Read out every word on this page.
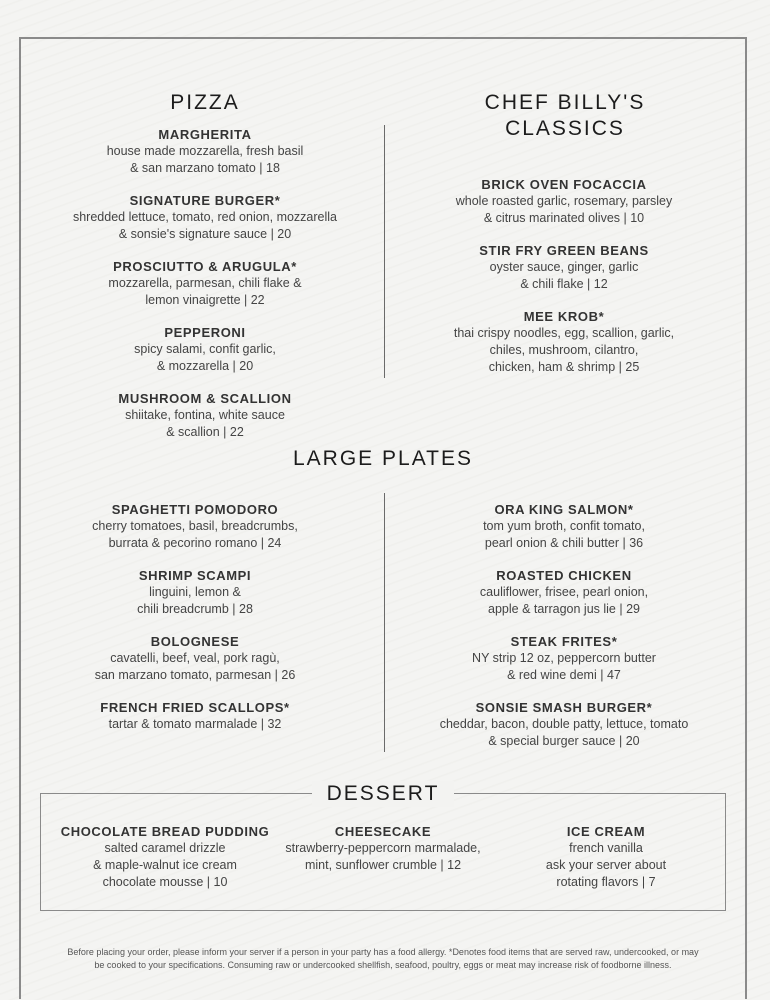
PIZZA
MARGHERITA
house made mozzarella, fresh basil
& san marzano tomato | 18
SIGNATURE BURGER*
shredded lettuce, tomato, red onion, mozzarella
& sonsie's signature sauce | 20
PROSCIUTTO & ARUGULA*
mozzarella, parmesan, chili flake &
lemon vinaigrette | 22
PEPPERONI
spicy salami, confit garlic,
& mozzarella | 20
MUSHROOM & SCALLION
shiitake, fontina, white sauce
& scallion | 22
CHEF BILLY'S
CLASSICS
BRICK OVEN FOCACCIA
whole roasted garlic, rosemary, parsley
& citrus marinated olives | 10
STIR FRY GREEN BEANS
oyster sauce, ginger, garlic
& chili flake | 12
MEE KROB*
thai crispy noodles, egg, scallion, garlic,
chiles, mushroom, cilantro,
chicken, ham & shrimp | 25
LARGE PLATES
SPAGHETTI POMODORO
cherry tomatoes, basil, breadcrumbs,
burrata & pecorino romano | 24
SHRIMP SCAMPI
linguini, lemon &
chili breadcrumb | 28
BOLOGNESE
cavatelli, beef, veal, pork ragù,
san marzano tomato, parmesan | 26
FRENCH FRIED SCALLOPS*
tartar & tomato marmalade | 32
ORA KING SALMON*
tom yum broth, confit tomato,
pearl onion & chili butter | 36
ROASTED CHICKEN
cauliflower, frisee, pearl onion,
apple & tarragon jus lie | 29
STEAK FRITES*
NY strip 12 oz, peppercorn butter
& red wine demi | 47
SONSIE SMASH BURGER*
cheddar, bacon, double patty, lettuce, tomato
& special burger sauce | 20
DESSERT
CHOCOLATE BREAD PUDDING
salted caramel drizzle
& maple-walnut ice cream
chocolate mousse | 10
CHEESECAKE
strawberry-peppercorn marmalade,
mint, sunflower crumble | 12
ICE CREAM
french vanilla
ask your server about
rotating flavors | 7
Before placing your order, please inform your server if a person in your party has a food allergy. *Denotes food items that are served raw, undercooked, or may
be cooked to your specifications. Consuming raw or undercooked shellfish, seafood, poultry, eggs or meat may increase risk of foodborne illness.
